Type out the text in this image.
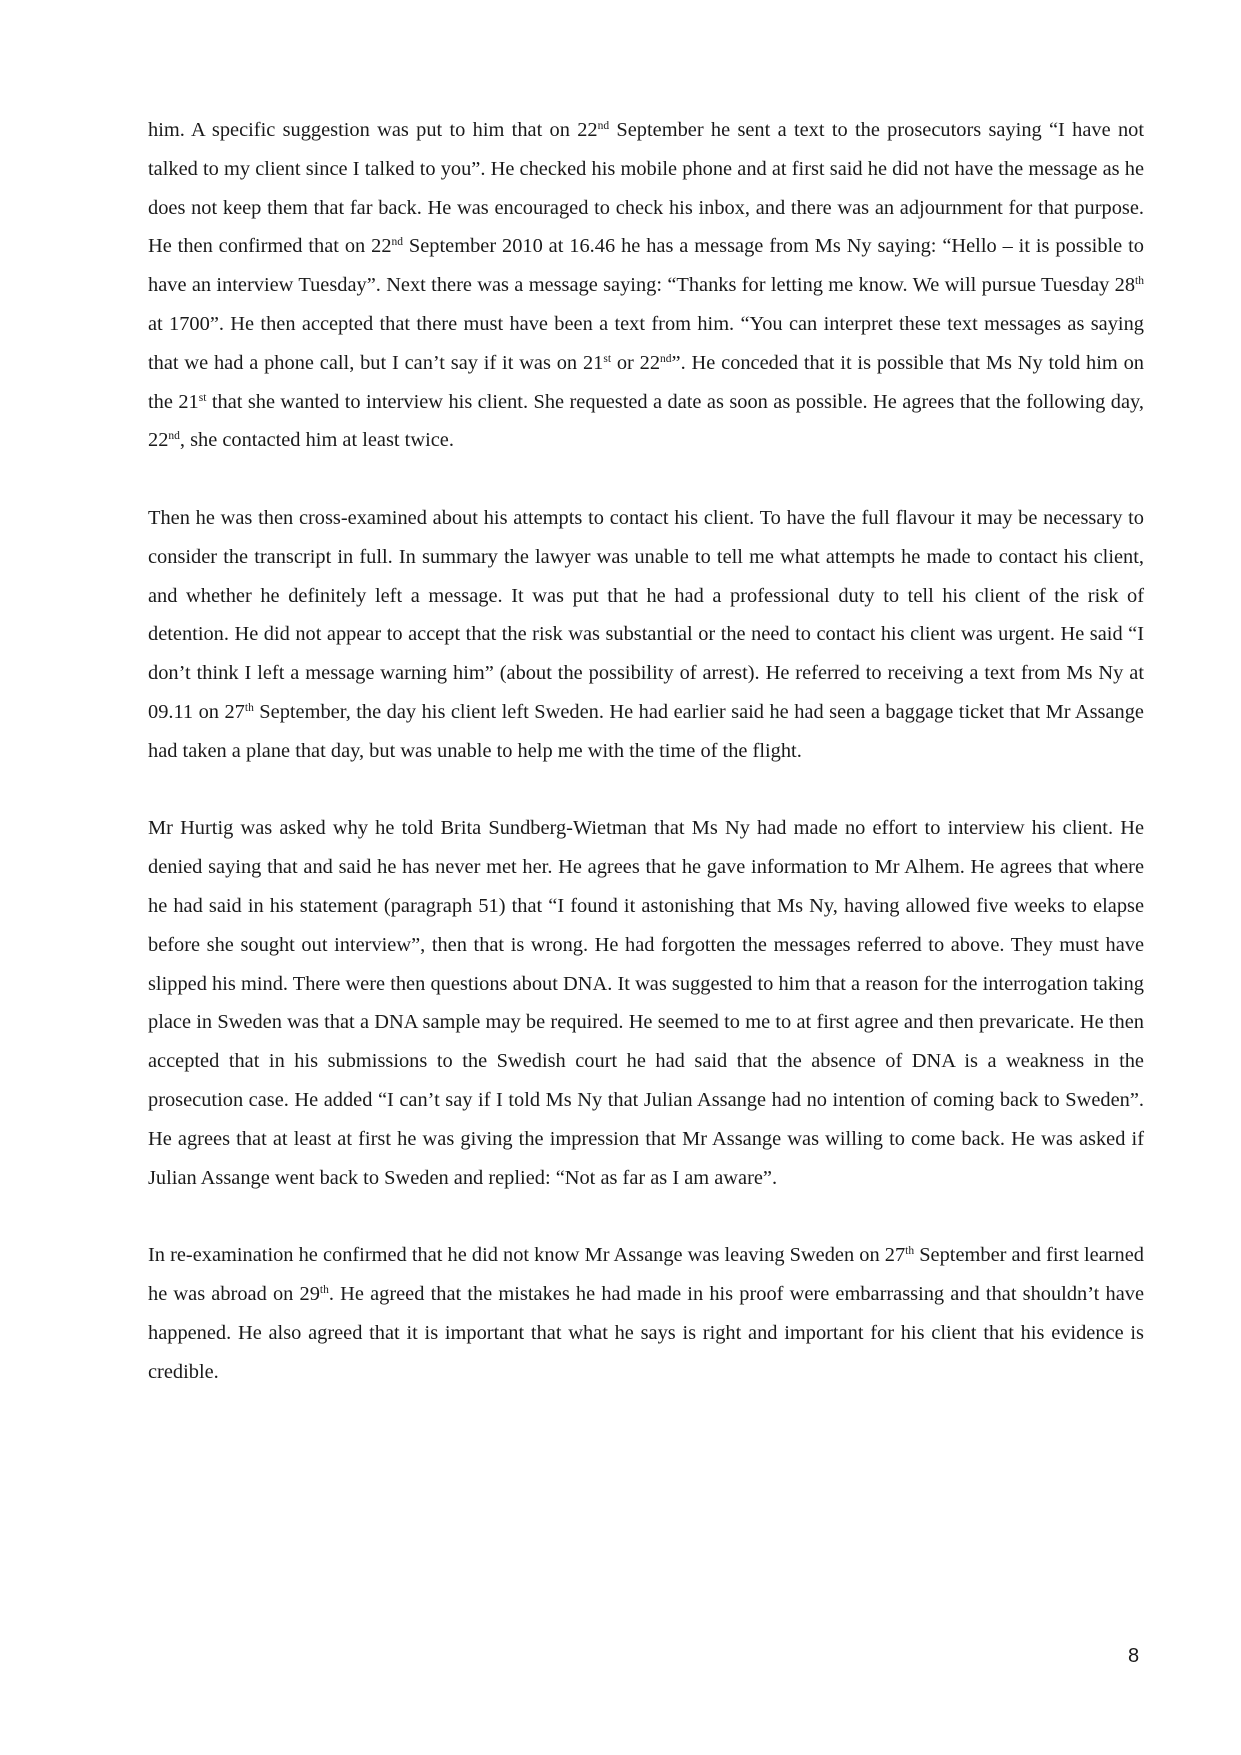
him. A specific suggestion was put to him that on 22nd September he sent a text to the prosecutors saying “I have not talked to my client since I talked to you”. He checked his mobile phone and at first said he did not have the message as he does not keep them that far back. He was encouraged to check his inbox, and there was an adjournment for that purpose. He then confirmed that on 22nd September 2010 at 16.46 he has a message from Ms Ny saying: “Hello – it is possible to have an interview Tuesday”. Next there was a message saying: “Thanks for letting me know. We will pursue Tuesday 28th at 1700”. He then accepted that there must have been a text from him. “You can interpret these text messages as saying that we had a phone call, but I can’t say if it was on 21st or 22nd”. He conceded that it is possible that Ms Ny told him on the 21st that she wanted to interview his client. She requested a date as soon as possible. He agrees that the following day, 22nd, she contacted him at least twice.

Then he was then cross-examined about his attempts to contact his client. To have the full flavour it may be necessary to consider the transcript in full. In summary the lawyer was unable to tell me what attempts he made to contact his client, and whether he definitely left a message. It was put that he had a professional duty to tell his client of the risk of detention. He did not appear to accept that the risk was substantial or the need to contact his client was urgent. He said “I don’t think I left a message warning him” (about the possibility of arrest). He referred to receiving a text from Ms Ny at 09.11 on 27th September, the day his client left Sweden. He had earlier said he had seen a baggage ticket that Mr Assange had taken a plane that day, but was unable to help me with the time of the flight.

Mr Hurtig was asked why he told Brita Sundberg-Wietman that Ms Ny had made no effort to interview his client. He denied saying that and said he has never met her. He agrees that he gave information to Mr Alhem. He agrees that where he had said in his statement (paragraph 51) that “I found it astonishing that Ms Ny, having allowed five weeks to elapse before she sought out interview”, then that is wrong. He had forgotten the messages referred to above. They must have slipped his mind. There were then questions about DNA. It was suggested to him that a reason for the interrogation taking place in Sweden was that a DNA sample may be required. He seemed to me to at first agree and then prevaricate. He then accepted that in his submissions to the Swedish court he had said that the absence of DNA is a weakness in the prosecution case. He added “I can’t say if I told Ms Ny that Julian Assange had no intention of coming back to Sweden”. He agrees that at least at first he was giving the impression that Mr Assange was willing to come back. He was asked if Julian Assange went back to Sweden and replied: “Not as far as I am aware”.

In re-examination he confirmed that he did not know Mr Assange was leaving Sweden on 27th September and first learned he was abroad on 29th. He agreed that the mistakes he had made in his proof were embarrassing and that shouldn’t have happened. He also agreed that it is important that what he says is right and important for his client that his evidence is credible.

8
